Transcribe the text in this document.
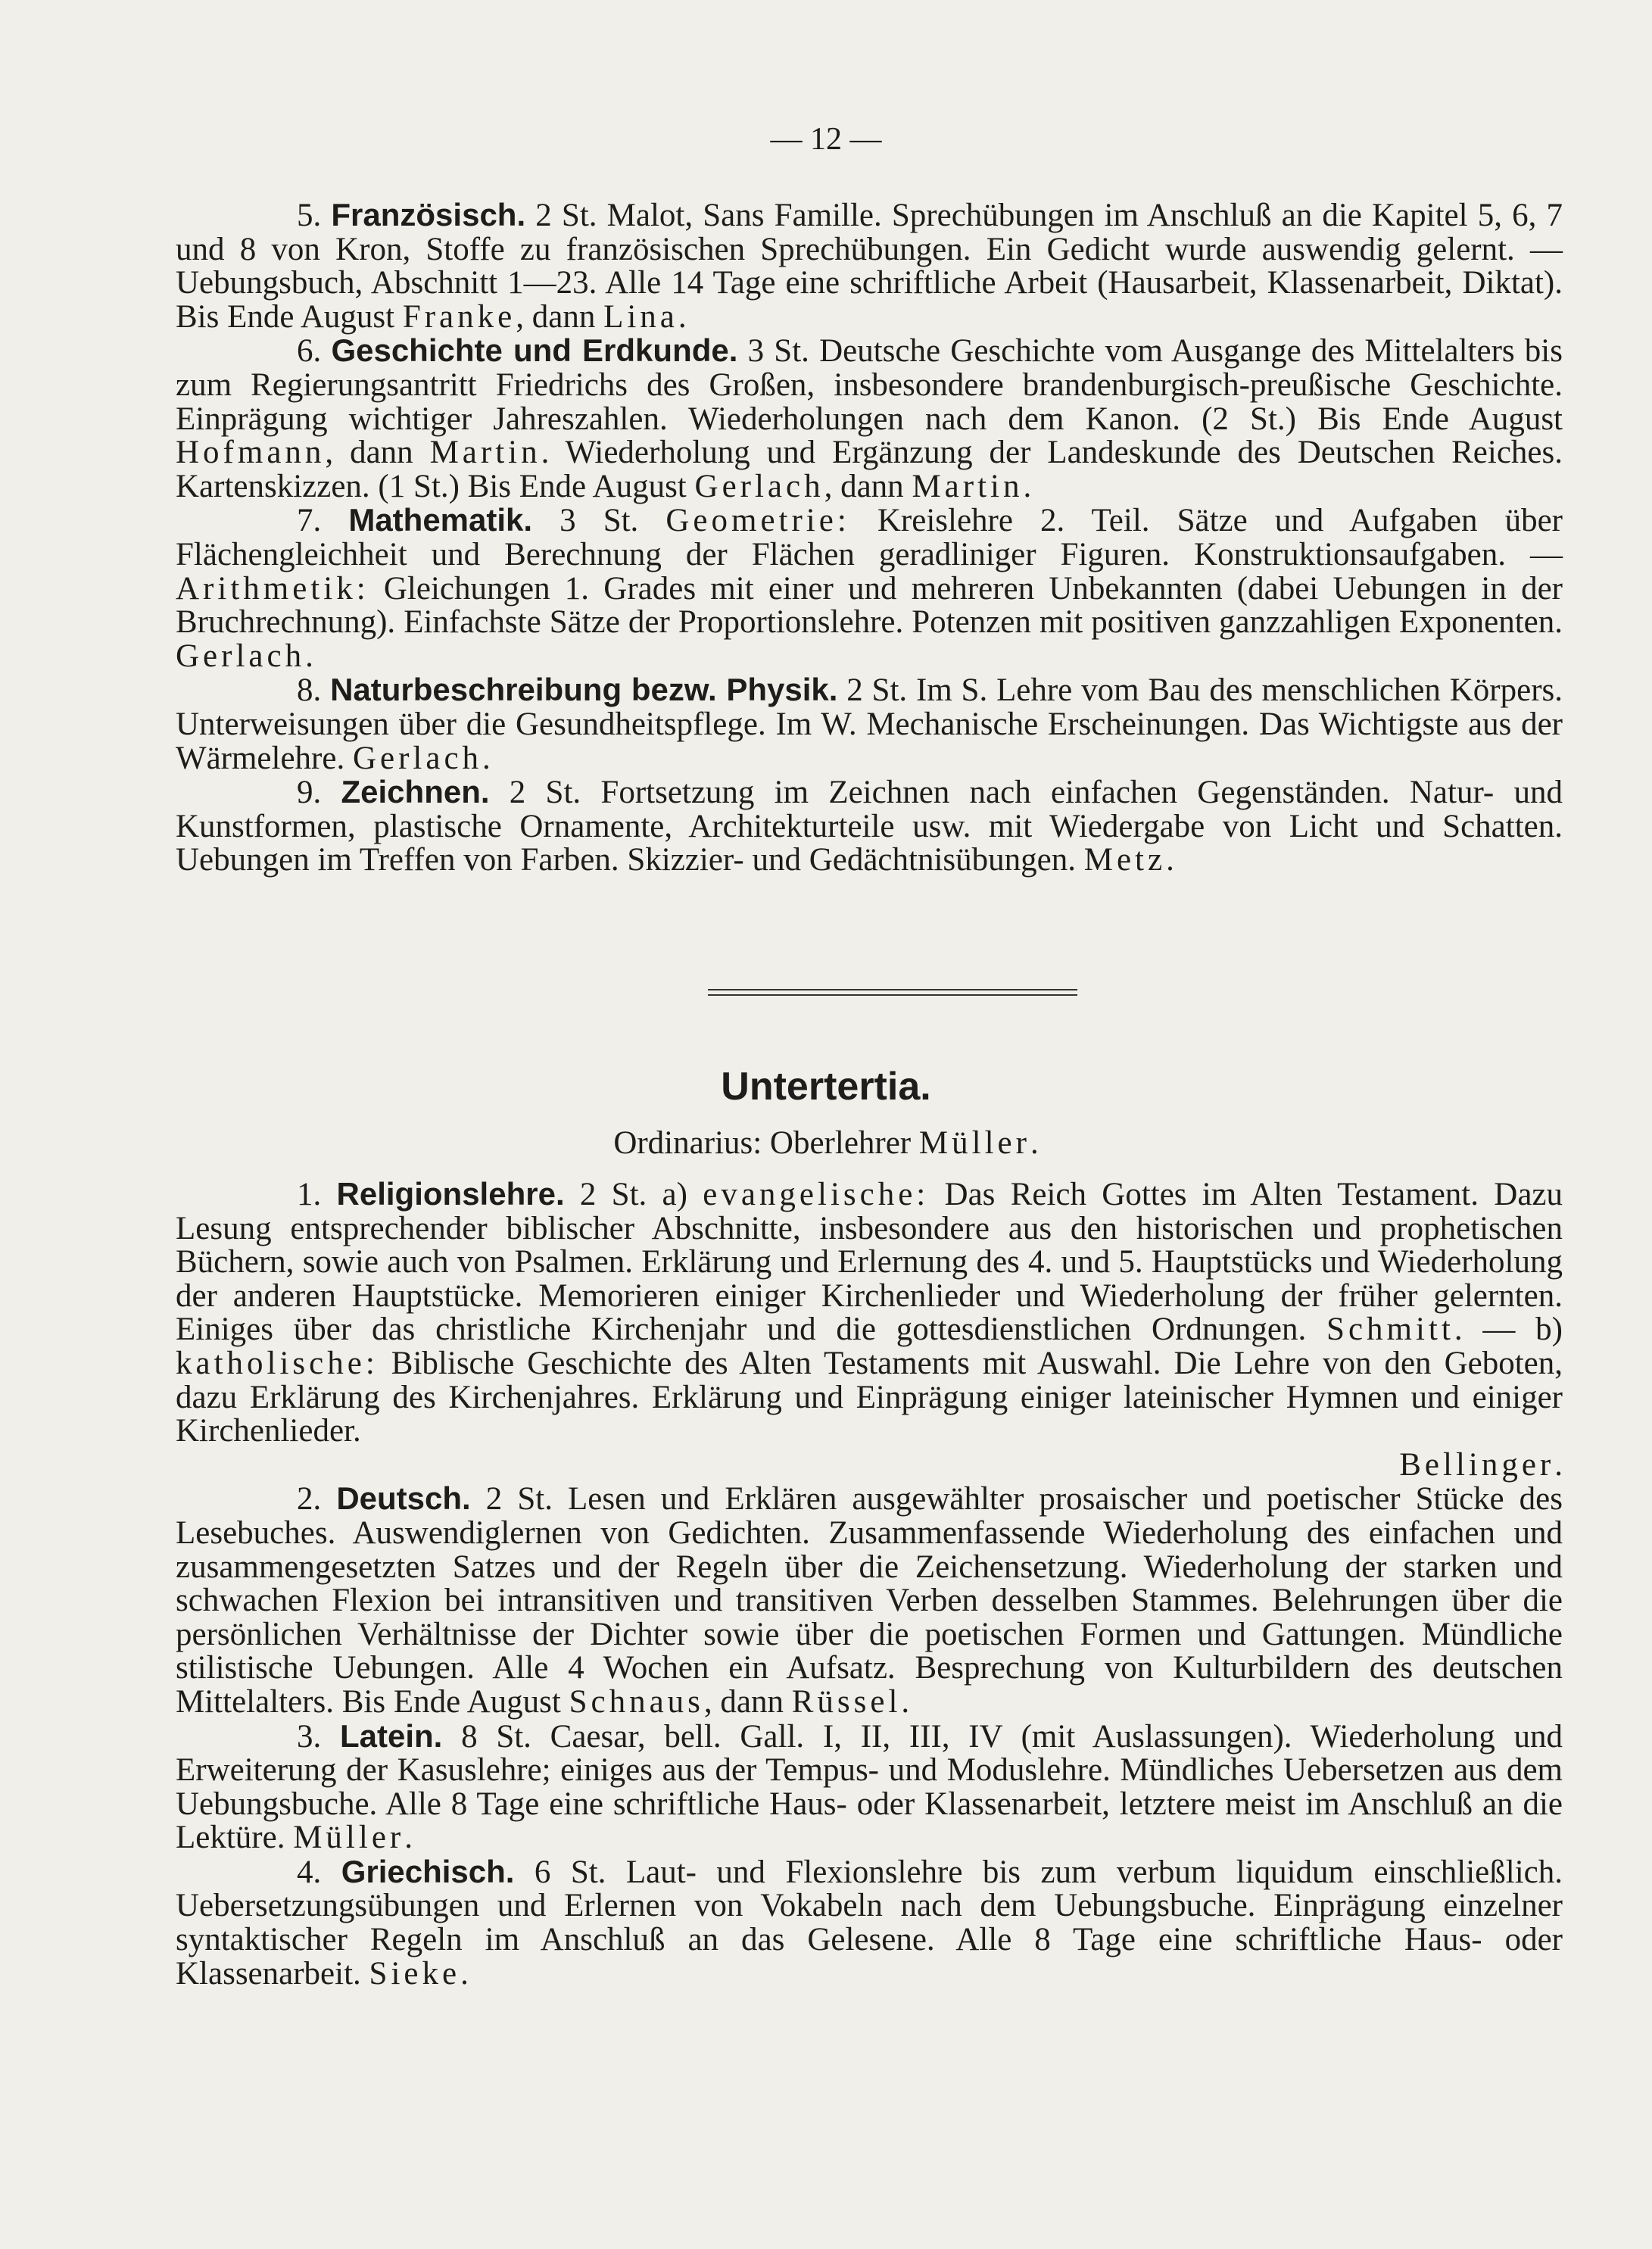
— 12 —

5. Französisch. 2 St. Malot, Sans Famille. Sprechübungen im Anschluß an die Kapitel 5, 6, 7 und 8 von Kron, Stoffe zu französischen Sprechübungen. Ein Gedicht wurde auswendig gelernt. — Uebungsbuch, Abschnitt 1—23. Alle 14 Tage eine schriftliche Arbeit (Hausarbeit, Klassenarbeit, Diktat). Bis Ende August Franke, dann Lina.

6. Geschichte und Erdkunde. 3 St. Deutsche Geschichte vom Ausgange des Mittelalters bis zum Regierungsantritt Friedrichs des Großen, insbesondere brandenburgisch-preußische Geschichte. Einprägung wichtiger Jahreszahlen. Wiederholungen nach dem Kanon. (2 St.) Bis Ende August Hofmann, dann Martin. Wiederholung und Ergänzung der Landeskunde des Deutschen Reiches. Kartenskizzen. (1 St.) Bis Ende August Gerlach, dann Martin.

7. Mathematik. 3 St. Geometrie: Kreislehre 2. Teil. Sätze und Aufgaben über Flächengleichheit und Berechnung der Flächen geradliniger Figuren. Konstruktionsaufgaben. — Arithmetik: Gleichungen 1. Grades mit einer und mehreren Unbekannten (dabei Uebungen in der Bruchrechnung). Einfachste Sätze der Proportionslehre. Potenzen mit positiven ganzzahligen Exponenten. Gerlach.

8. Naturbeschreibung bezw. Physik. 2 St. Im S. Lehre vom Bau des menschlichen Körpers. Unterweisungen über die Gesundheitspflege. Im W. Mechanische Erscheinungen. Das Wichtigste aus der Wärmelehre. Gerlach.

9. Zeichnen. 2 St. Fortsetzung im Zeichnen nach einfachen Gegenständen. Natur- und Kunstformen, plastische Ornamente, Architekturteile usw. mit Wiedergabe von Licht und Schatten. Uebungen im Treffen von Farben. Skizzier- und Gedächtnisübungen. Metz.

Untertertia.
Ordinarius: Oberlehrer Müller.

1. Religionslehre. 2 St. a) evangelische: Das Reich Gottes im Alten Testament. Dazu Lesung entsprechender biblischer Abschnitte, insbesondere aus den historischen und prophetischen Büchern, sowie auch von Psalmen. Erklärung und Erlernung des 4. und 5. Hauptstücks und Wiederholung der anderen Hauptstücke. Memorieren einiger Kirchenlieder und Wiederholung der früher gelernten. Einiges über das christliche Kirchenjahr und die gottesdienstlichen Ordnungen. Schmitt. — b) katholische: Biblische Geschichte des Alten Testaments mit Auswahl. Die Lehre von den Geboten, dazu Erklärung des Kirchenjahres. Erklärung und Einprägung einiger lateinischer Hymnen und einiger Kirchenlieder.

Bellinger.

2. Deutsch. 2 St. Lesen und Erklären ausgewählter prosaischer und poetischer Stücke des Lesebuches. Auswendiglernen von Gedichten. Zusammenfassende Wiederholung des einfachen und zusammengesetzten Satzes und der Regeln über die Zeichensetzung. Wiederholung der starken und schwachen Flexion bei intransitiven und transitiven Verben desselben Stammes. Belehrungen über die persönlichen Verhältnisse der Dichter sowie über die poetischen Formen und Gattungen. Mündliche stilistische Uebungen. Alle 4 Wochen ein Aufsatz. Besprechung von Kulturbildern des deutschen Mittelalters. Bis Ende August Schnaus, dann Rüssel.

3. Latein. 8 St. Caesar, bell. Gall. I, II, III, IV (mit Auslassungen). Wiederholung und Erweiterung der Kasuslehre; einiges aus der Tempus- und Moduslehre. Mündliches Uebersetzen aus dem Uebungsbuche. Alle 8 Tage eine schriftliche Haus- oder Klassenarbeit, letztere meist im Anschluß an die Lektüre. Müller.

4. Griechisch. 6 St. Laut- und Flexionslehre bis zum verbum liquidum einschließlich. Uebersetzungsübungen und Erlernen von Vokabeln nach dem Uebungsbuche. Einprägung einzelner syntaktischer Regeln im Anschluß an das Gelesene. Alle 8 Tage eine schriftliche Haus- oder Klassenarbeit. Sieke.
